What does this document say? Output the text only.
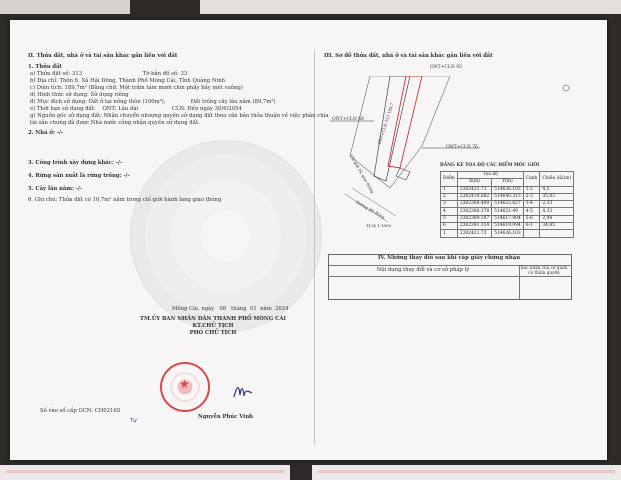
II. Thửa đất, nhà ở và tài sản khác gắn liền với đất
1. Thửa đất
a) Thửa đất số: 313                                    Tờ bản đồ số: 33
b) Địa chỉ: Thôn 6, Xã Hải Đông, Thành Phố Móng Cái, Tỉnh Quảng Ninh
c) Diện tích: 189,7m² (Bằng chữ: Một trăm tám mươi chín phẩy bảy mét vuông)
d) Hình thức sử dụng: Sử dụng riêng
đ) Mục đích sử dụng: Đất ở tại nông thôn (100m²),               Đất trồng cây lâu năm (89,7m²)
e) Thời hạn sử dụng đất:    ONT: Lâu dài                    CLN: Đến ngày 30/6/2054
g) Nguồn gốc sử dụng đất: Nhận chuyển nhượng quyền sử dụng đất theo văn bản thỏa thuận về việc phân chia
tài sản chung đã được Nhà nước công nhận quyền sử dụng đất.
2. Nhà ở: -/-
3. Công trình xây dựng khác: -/-
4. Rừng sản xuất là rừng trồng: -/-
5. Cây lâu năm: -/-
6. Ghi chú: Thửa đất có 10,7m² nằm trong chỉ giới hành lang giao thông
Móng Cái, ngày   08   tháng  01  năm  2024
TM.ỦY BAN NHÂN DÂN THÀNH PHỐ MÓNG CÁI
KT.CHỦ TỊCH
PHÓ CHỦ TỊCH
★
Nguyễn Phúc Vinh
Số vào sổ cấp GCN: CH02165
Tự
III. Sơ đồ thửa đất, nhà ở và tài sản khác gắn liền với đất
ONT+CLN 93
ONT+CLN 68
ONT+CLN 76
ONT+CLN 313 189.7
Chỉ giới HL giao thông
Đường Hồ Bông
Tỷ lệ 1:1000
BẢNG KÊ TỌA ĐỘ CÁC ĐIỂM MÓC GIỚI
Điểm	Tọa độ		Cạnh	Chiều dài(m)
	X(m)	Y(m)		
1	2382421.73	514636.103	1-2	4,5
2	2382419.682	514640.313	2-3	35,83
3	2382388.409	514622.627	3-4	2,33
4	2382386.378	514621.49	4-5	4,33
5	2382389.187	514617.904	5-6	2,44
6	2382391.314	514619.094	6-1	34,85
1	2382421.73	514636.103		
IV. Những thay đổi sau khi cấp giấy chứng nhận
Nội dung thay đổi và cơ sở pháp lý	Xác nhận của cơ quan có thẩm quyền
